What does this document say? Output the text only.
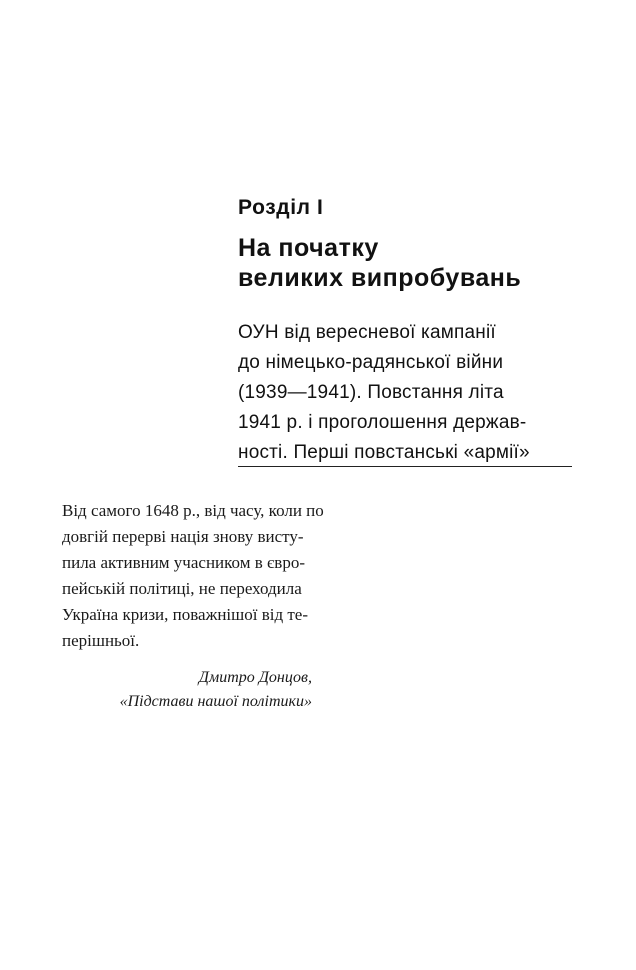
Розділ І
На початку
великих випробувань

ОУН від вересневої кампанії
до німецько-радянської війни
(1939—1941). Повстання літа
1941 р. і проголошення держав-
ності. Перші повстанські «армії»

Від самого 1648 р., від часу, коли по
довгій перерві нація знову висту-
пила активним учасником в євро-
пейській політиці, не переходила
Україна кризи, поважнішої від те-
перішньої.
Дмитро Донцов,
«Підстави нашої політики»
